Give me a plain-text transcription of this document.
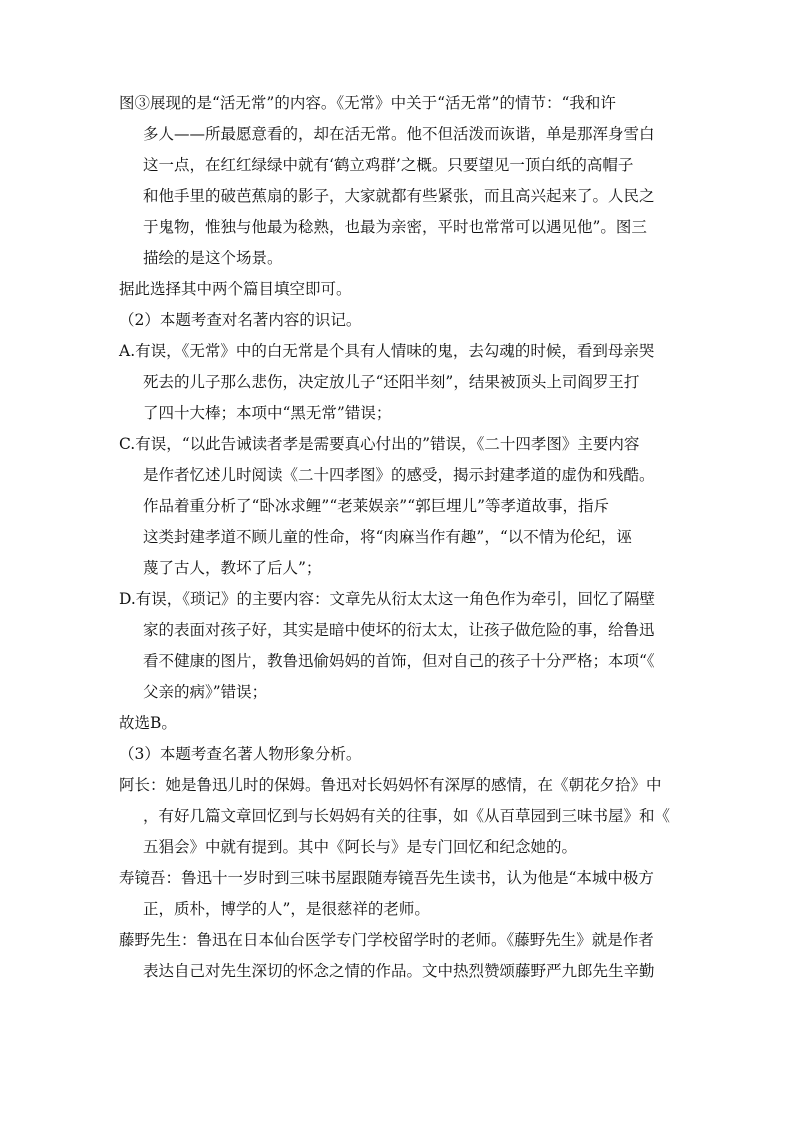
图③展现的是“活无常”的内容。《无常》中关于“活无常”的情节：“我和许
多人——所最愿意看的，却在活无常。他不但活泼而诙谐，单是那浑身雪白
这一点，在红红绿绿中就有‘鹤立鸡群’之概。只要望见一顶白纸的高帽子
和他手里的破芭蕉扇的影子，大家就都有些紧张，而且高兴起来了。人民之
于鬼物，惟独与他最为稔熟，也最为亲密，平时也常常可以遇见他”。图三
描绘的是这个场景。
据此选择其中两个篇目填空即可。
（2）本题考查对名著内容的识记。
A.有误，《无常》中的白无常是个具有人情味的鬼，去勾魂的时候，看到母亲哭
死去的儿子那么悲伤，决定放儿子“还阳半刻”，结果被顶头上司阎罗王打
了四十大棒；本项中“黑无常”错误；
C.有误，“以此告诫读者孝是需要真心付出的”错误，《二十四孝图》主要内容
是作者忆述儿时阅读《二十四孝图》的感受，揭示封建孝道的虚伪和残酷。
作品着重分析了“卧冰求鲤”“老莱娱亲”“郭巨埋儿”等孝道故事，指斥
这类封建孝道不顾儿童的性命，将“肉麻当作有趣”，“以不情为伦纪，诬
蔑了古人，教坏了后人”；
D.有误，《琐记》的主要内容：文章先从衍太太这一角色作为牵引，回忆了隔壁
家的表面对孩子好，其实是暗中使坏的衍太太，让孩子做危险的事，给鲁迅
看不健康的图片，教鲁迅偷妈妈的首饰，但对自己的孩子十分严格；本项“《
父亲的病》”错误；
故选B。
（3）本题考查名著人物形象分析。
阿长：她是鲁迅儿时的保姆。鲁迅对长妈妈怀有深厚的感情，在《朝花夕拾》中
，有好几篇文章回忆到与长妈妈有关的往事，如《从百草园到三味书屋》和《
五猖会》中就有提到。其中《阿长与》是专门回忆和纪念她的。
寿镜吾：鲁迅十一岁时到三味书屋跟随寿镜吾先生读书，认为他是“本城中极方
正，质朴，博学的人”，是很慈祥的老师。
藤野先生：鲁迅在日本仙台医学专门学校留学时的老师。《藤野先生》就是作者
表达自己对先生深切的怀念之情的作品。文中热烈赞颂藤野严九郎先生辛勤
